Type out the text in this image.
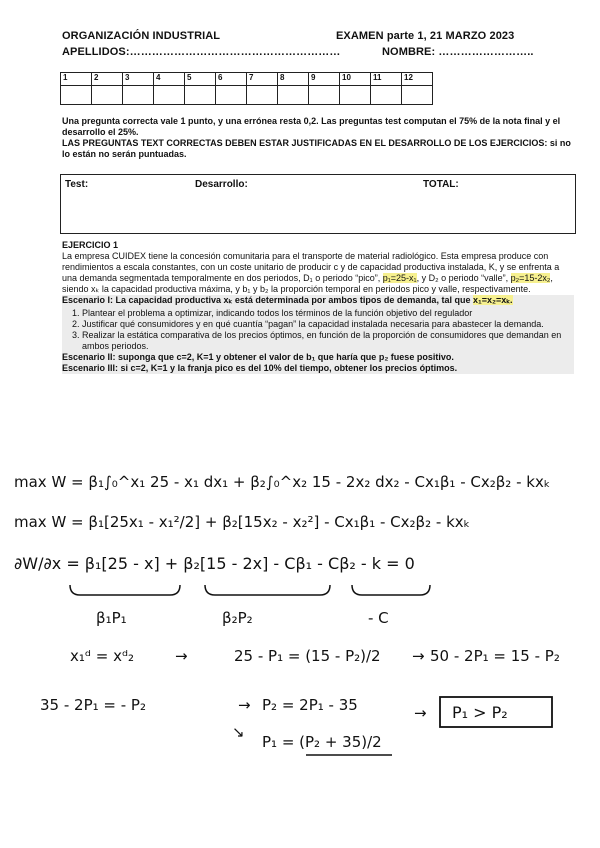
ORGANIZACIÓN INDUSTRIAL	EXAMEN parte 1, 21 MARZO 2023
APELLIDOS:…………………………………………………	NOMBRE: ……………………..
1	2	3	4	5	6	7	8	9	10	11	12

Una pregunta correcta vale 1 punto, y una errónea resta 0,2. Las preguntas test computan el 75% de la nota final y el desarrollo el 25%.
LAS PREGUNTAS TEXT CORRECTAS DEBEN ESTAR JUSTIFICADAS EN EL DESARROLLO DE LOS EJERCICIOS: si no lo están no serán puntuadas.
Test:	Desarrollo:	TOTAL:
EJERCICIO 1
La empresa CUIDEX tiene la concesión comunitaria para el transporte de material radiológico. Esta empresa produce con rendimientos a escala constantes, con un coste unitario de producir c y de capacidad productiva instalada, K, y se enfrenta a una demanda segmentada temporalmente en dos periodos, D₁ o periodo “pico”, p₁=25-x₁, y D₂ o periodo “valle”, p₂=15-2x₂, siendo xₖ la capacidad productiva máxima, y b₁ y b₂ la proporción temporal en periodos pico y valle, respectivamente.
Escenario I: La capacidad productiva xₖ está determinada por ambos tipos de demanda, tal que x₁=x₂=xₖ.
1. Plantear el problema a optimizar, indicando todos los términos de la función objetivo del regulador
2. Justificar qué consumidores y en qué cuantía “pagan” la capacidad instalada necesaria para abastecer la demanda.
3. Realizar la estática comparativa de los precios óptimos, en función de la proporción de consumidores que demandan en ambos periodos.
Escenario II: suponga que c=2, K=1 y obtener el valor de b₁ que haría que p₂ fuese positivo.
Escenario III: si c=2, K=1 y la franja pico es del 10% del tiempo, obtener los precios óptimos.
max W = β₁∫₀^x₁ 25 - x₁ dx₁ + β₂∫₀^x₂ 15 - 2x₂ dx₂ - Cx₁β₁ - Cx₂β₂ - kxₖ
max W = β₁[25x₁ - x₁²/2] + β₂[15x₂ - x₂²] - Cx₁β₁ - Cx₂β₂ - kxₖ
∂W/∂x = β₁[25 - x] + β₂[15 - 2x] - Cβ₁ - Cβ₂ - k = 0
β₁P₁	β₂P₂	- C
x₁ᵈ = xᵈ₂	→	25 - P₁ = (15 - P₂)/2 → 50 - 2P₁ = 15 - P₂
35 - 2P₁ = - P₂	→ P₂ = 2P₁ - 35
↘
P₁ = (P₂ + 35)/2
→ P₁ > P₂
